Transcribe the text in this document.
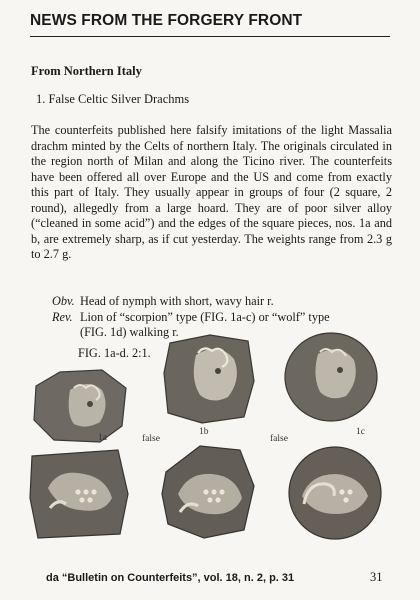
NEWS FROM THE FORGERY FRONT
From Northern Italy
1. False Celtic Silver Drachms
The counterfeits published here falsify imitations of the light Massalia drachm minted by the Celts of northern Italy. The originals circulated in the region north of Milan and along the Ticino river. The counterfeits have been offered all over Europe and the US and come from exactly this part of Italy. They usually appear in groups of four (2 square, 2 round), allegedly from a large hoard. They are of poor silver alloy (“cleaned in some acid”) and the edges of the square pieces, nos. 1a and b, are extremely sharp, as if cut yesterday. The weights range from 2.3 g to 2.7 g.
Obv. Head of nymph with short, wavy hair r.
Rev. Lion of “scorpion” type (FIG. 1a-c) or “wolf” type
(FIG. 1d) walking r.
FIG. 1a-d. 2:1.
1a	false
1b
false
1c
da “Bulletin on Counterfeits”, vol. 18, n. 2, p. 31	31
